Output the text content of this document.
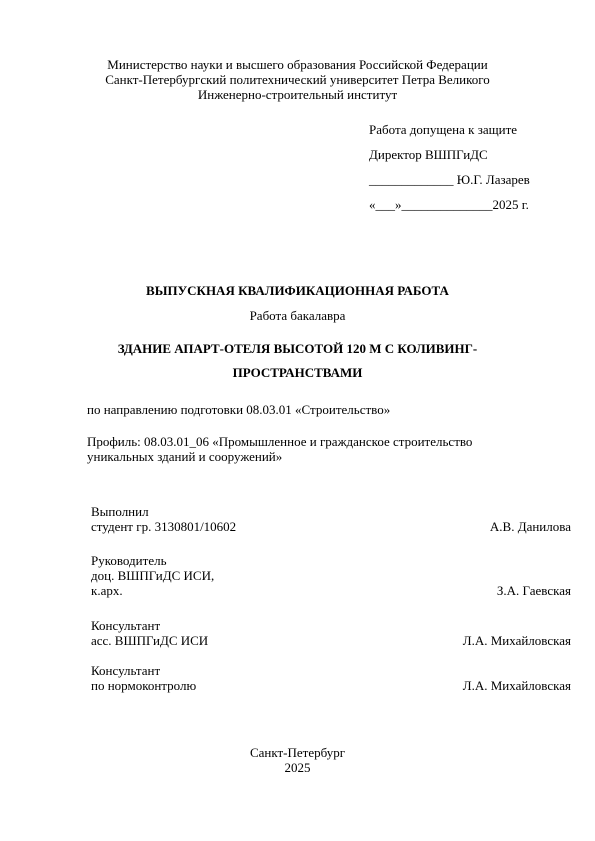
Министерство науки и высшего образования Российской Федерации
Санкт-Петербургский политехнический университет Петра Великого
Инженерно-строительный институт
Работа допущена к защите
Директор ВШПГиДС
_____________ Ю.Г. Лазарев
«___»______________2025 г.
ВЫПУСКНАЯ КВАЛИФИКАЦИОННАЯ РАБОТА
Работа бакалавра
ЗДАНИЕ АПАРТ-ОТЕЛЯ ВЫСОТОЙ 120 М С КОЛИВИНГ-
ПРОСТРАНСТВАМИ
по направлению подготовки 08.03.01 «Строительство»
Профиль: 08.03.01_06 «Промышленное и гражданское строительство
уникальных зданий и сооружений»
Выполнил
студент гр. 3130801/10602	А.В. Данилова
Руководитель
доц. ВШПГиДС ИСИ,
к.арх.	З.А. Гаевская
Консультант
асс. ВШПГиДС ИСИ	Л.А. Михайловская
Консультант
по нормоконтролю	Л.А. Михайловская
Санкт-Петербург
2025
